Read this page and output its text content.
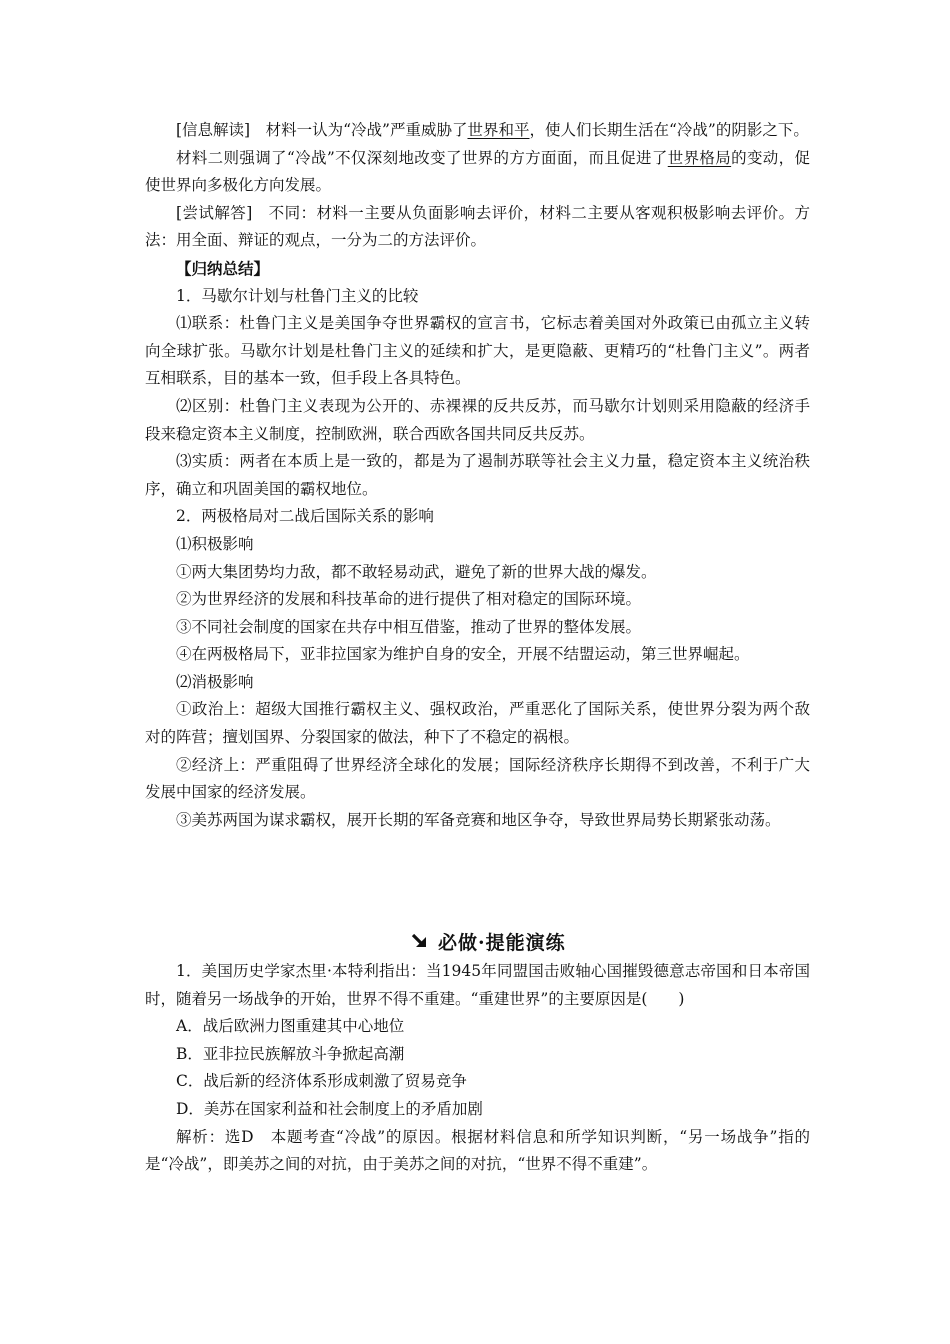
[信息解读]　 材料一认为“冷战”严重威胁了世界和平，使人们长期生活在“冷战”的阴影之下。

材料二则强调了“冷战”不仅深刻地改变了世界的方方面面，而且促进了世界格局的变动，促使世界向多极化方向发展。

[尝试解答]　 不同：材料一主要从负面影响去评价，材料二主要从客观积极影响去评价。方法：用全面、辩证的观点，一分为二的方法评价。

【归纳总结】

1．马歇尔计划与杜鲁门主义的比较

⑴联系：杜鲁门主义是美国争夺世界霸权的宣言书，它标志着美国对外政策已由孤立主义转向全球扩张。马歇尔计划是杜鲁门主义的延续和扩大，是更隐蔽、更精巧的“杜鲁门主义”。两者互相联系，目的基本一致，但手段上各具特色。

⑵区别：杜鲁门主义表现为公开的、赤裸裸的反共反苏，而马歇尔计划则采用隐蔽的经济手段来稳定资本主义制度，控制欧洲，联合西欧各国共同反共反苏。

⑶实质：两者在本质上是一致的，都是为了遏制苏联等社会主义力量，稳定资本主义统治秩序，确立和巩固美国的霸权地位。

2．两极格局对二战后国际关系的影响

⑴积极影响

①两大集团势均力敌，都不敢轻易动武，避免了新的世界大战的爆发。

②为世界经济的发展和科技革命的进行提供了相对稳定的国际环境。

③不同社会制度的国家在共存中相互借鉴，推动了世界的整体发展。

④在两极格局下，亚非拉国家为维护自身的安全，开展不结盟运动，第三世界崛起。

⑵消极影响

①政治上：超级大国推行霸权主义、强权政治，严重恶化了国际关系，使世界分裂为两个敌对的阵营；擅划国界、分裂国家的做法，种下了不稳定的祸根。

②经济上：严重阻碍了世界经济全球化的发展；国际经济秩序长期得不到改善，不利于广大发展中国家的经济发展。

③美苏两国为谋求霸权，展开长期的军备竞赛和地区争夺，导致世界局势长期紧张动荡。

必做·提能演练

1．美国历史学家杰里·本特利指出：当1945年同盟国击败轴心国摧毁德意志帝国和日本帝国时，随着另一场战争的开始，世界不得不重建。“重建世界”的主要原因是(　　)

A．战后欧洲力图重建其中心地位

B．亚非拉民族解放斗争掀起高潮

C．战后新的经济体系形成刺激了贸易竞争

D．美苏在国家利益和社会制度上的矛盾加剧

解析：选D　本题考查“冷战”的原因。根据材料信息和所学知识判断，“另一场战争”指的是“冷战”，即美苏之间的对抗，由于美苏之间的对抗，“世界不得不重建”。
